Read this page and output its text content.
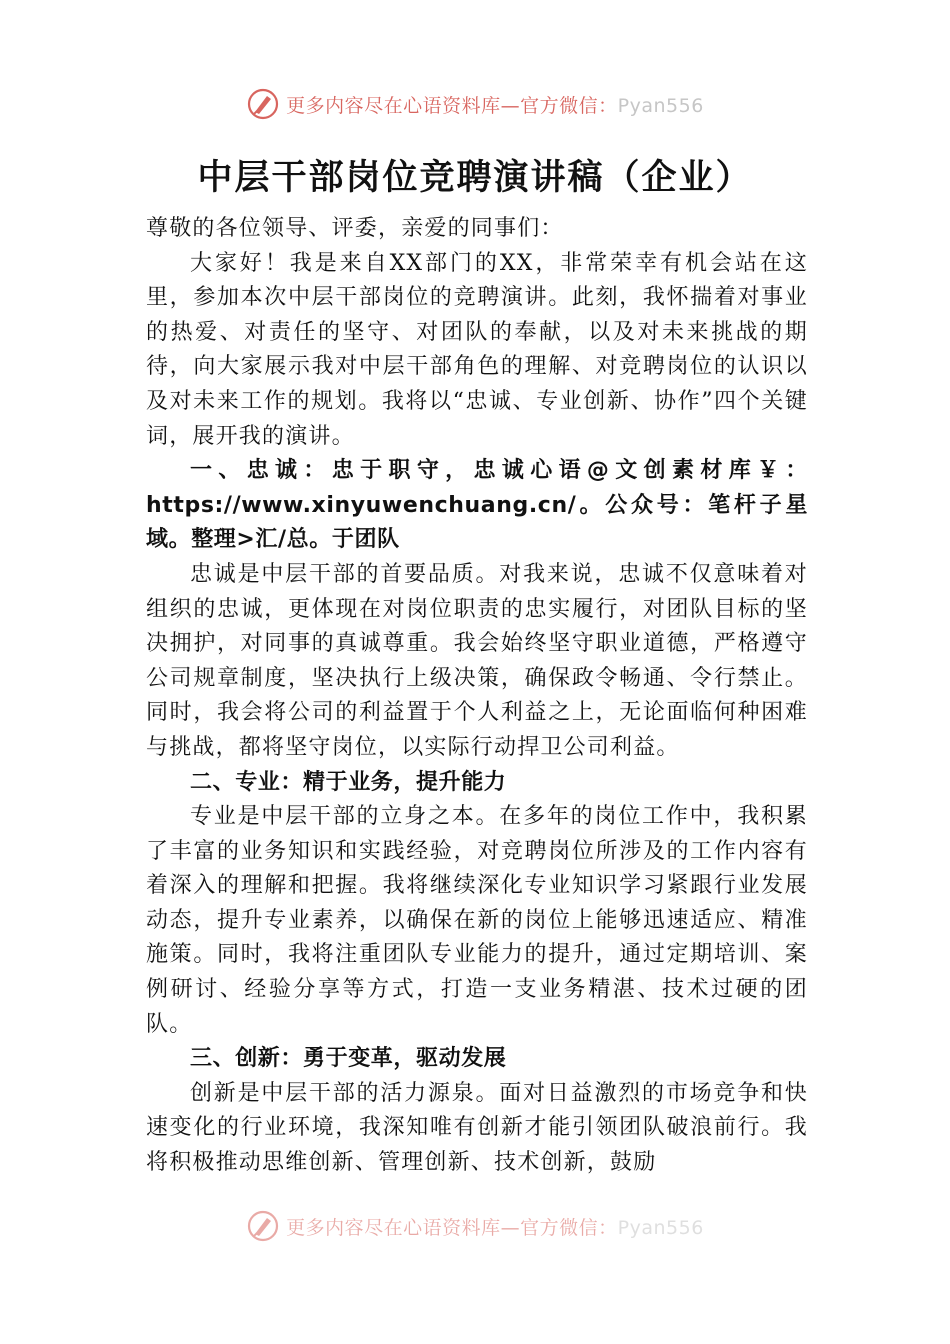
更多内容尽在心语资料库—官方微信：Pyan556
中层干部岗位竞聘演讲稿（企业）

尊敬的各位领导、评委，亲爱的同事们：

大家好！我是来自XX部门的XX，非常荣幸有机会站在这里，参加本次中层干部岗位的竞聘演讲。此刻，我怀揣着对事业的热爱、对责任的坚守、对团队的奉献，以及对未来挑战的期待，向大家展示我对中层干部角色的理解、对竞聘岗位的认识以及对未来工作的规划。我将以“忠诚、专业创新、协作”四个关键词，展开我的演讲。

一、忠诚：忠于职守，忠诚心语@文创素材库￥：https://www.xinyuwenchuang.cn/。公众号：笔杆子星域。整理>汇/总。于团队

忠诚是中层干部的首要品质。对我来说，忠诚不仅意味着对组织的忠诚，更体现在对岗位职责的忠实履行，对团队目标的坚决拥护，对同事的真诚尊重。我会始终坚守职业道德，严格遵守公司规章制度，坚决执行上级决策，确保政令畅通、令行禁止。同时，我会将公司的利益置于个人利益之上，无论面临何种困难与挑战，都将坚守岗位，以实际行动捍卫公司利益。

二、专业：精于业务，提升能力

专业是中层干部的立身之本。在多年的岗位工作中，我积累了丰富的业务知识和实践经验，对竞聘岗位所涉及的工作内容有着深入的理解和把握。我将继续深化专业知识学习紧跟行业发展动态，提升专业素养，以确保在新的岗位上能够迅速适应、精准施策。同时，我将注重团队专业能力的提升，通过定期培训、案例研讨、经验分享等方式，打造一支业务精湛、技术过硬的团队。

三、创新：勇于变革，驱动发展

创新是中层干部的活力源泉。面对日益激烈的市场竞争和快速变化的行业环境，我深知唯有创新才能引领团队破浪前行。我将积极推动思维创新、管理创新、技术创新，鼓励

更多内容尽在心语资料库—官方微信：Pyan556
